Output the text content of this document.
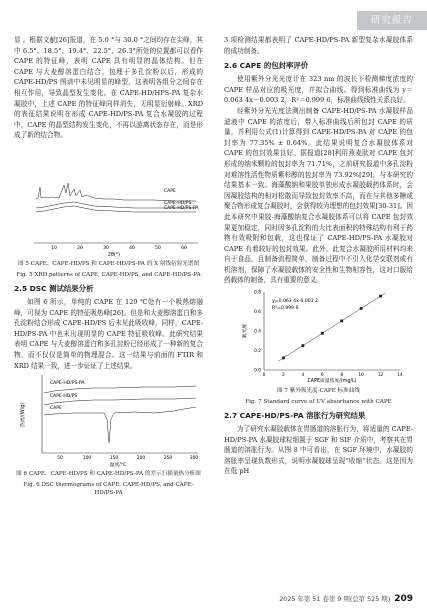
研究报告

显 。根据文献[26]报道，在 5.0 °与 30.0 °之间均存在尖峰，其中 6.5°、18.5°、19.4°、22.5°、26.3°所处的位置都可以看作 CAPE 的特征峰，表明 CAPE 具有明显的晶体结构。但在 CAPE 与大麦醇溶蛋白结合、包埋于多孔淀粉以后，形成的 CAPE-HD/PS 图谱中未见明显的峰型，这表明各组分之间存在相互作用，导致晶型发生变化。在 CAPE-HD/HPS-PA 复杂水凝胶中，上述 CAPE 的特征峰同样消失，无明显衍射峰。XRD 的表征结果说明在形成 CAPE-HD/PS-PA 复合水凝胶的过程中，CAPE 的晶型结构发生变化，不再以游离状态存在，而是形成了新的结合物。

CAPE
CAPE-HD/PS
CAPE-HD/PS-PA
10	20	30	40	50	60
2θ(°)
图 5 CAPE、CAPE-HD/PS 和 CAPE-HD/PS-PA 的 X 射线衍射光谱图
Fig. 5 XRD patterns of CAPE, CAPE-HD/PS, and CAPE-HD/PS-PA
2.5 DSC 测试结果分析

如图 6 所示，单纯的 CAPE 在 129 ℃处有一个吸热熔融峰，可视为 CAPE 的特征吸热峰[26]。但是和大麦醇溶蛋白和多孔淀粉结合形成 CAPE-HD/PS 后未见此吸收峰，同样，CAPE-HD/PS-PA 中也未出现明显的 CAPE 特征吸收峰。此研究结果表明 CAPE 与大麦醇溶蛋白和多孔淀粉已经形成了一种新的复合物，而不仅仅是简单的物理混合。这一结果与前面的 FTIR 和 XRD 结果一致，进一步证证了上述结果。

热流/(W/g)
CAPE-HD/PS-PA
CAPE-HD/PS
CAPE
50	100	150	200	250	300
温度/℃
图 6 CAPE、CAPE-HD/PS 和 CAPE-HD/PS-PA 的差示扫描量热分析图
Fig. 6 DSC thermograms of CAPE, CAPE-HD/PS, and CAPE-HD/PS-PA

3 项检测结果都表明了 CAPE-HD/PS-PA 新型复杂水凝胶体系的成功制备。

2.6 CAPE 的包封率评价

使用紫外分光光度计在 323 nm 的波长下检测梯度浓度的 CAPE 样品对应的吸光度，并拟合曲线。得到标准曲线为 y＝0.063 4x－0.003 2，R²＝0.999 6，标准曲线线性关系良好。

经紫外分光光度法测出制备 CAPE-HD/PS-PA 水凝胶样品滤液中 CAPE 的浓度后，带入标准曲线后所包封 CAPE 的质量，并利用公式(1)计算得到 CAPE-HD/PS-PA 对 CAPE 的包封率为 77.35% ± 0.64%。此结果说明复合水凝胶体系对 CAPE 的包封效果良好。据报道[28]利用燕麦肽对 CAPE 包封形成的纳米颗粒的包封率为 71.71%，之前研究报道中多孔淀粉对难溶性活性物质紫杉醇的包封率为 73.92%[29]，与本研究的结果基本一致。海藻酸钠和果胶单独形成水凝胶载药体系时，会因凝胶结构的相对松散而导致包封效率不高，而在与其他多糖或聚合物形成复合凝胶时，会获得较为理想的包封效果[30-31]。因此本研究中果胶-海藻酸钠复合水凝胶体系可以将 CAPE 包封效果更加稳定，同时因多孔淀粉的大比表面积的特殊结构有利于药物有效吸附和包载，这也保证了 CAPE-HD/PS-PA 水凝胶对 CAPE 有着较好的包封效果。此外，此复合水凝胶所用材料均来自于食品，且制备流程简单，制备过程中不引入化学交联剂或有机溶剂，保障了水凝胶载体的安全性和生物相容性，这对口服给药载体的制备，具有重要的意义。

吸光度
0.0
0.2
0.4
0.6
0.8
0	2	4	6	8	10	12	14
y=0.063 4x-0.003 2
R²=0.999 6
CAPE质量浓度/(mg/L)
图 7 紫外吸光度-CAPE 标准曲线
Fig. 7 Standard curve of UV absorbance with CAPE
2.7 CAPE-HD/PS-PA 溶胀行为研究结果

为了研究水凝胶载体在胃肠道的溶胀行为，将适量的 CAPE-HD/PS-PA 水凝胶球粒细置于 SGF 和 SIF 介质中，考察其在胃肠道的溶胀行为。从图 8 中可看出，在 SGF 环境中，水凝胶的溶胀率呈现负数形式，说明水凝胶球呈现“收缩”状态。这是因为在低 pH

2025 年第 51 卷第 9 期(总第 525 期) 209
